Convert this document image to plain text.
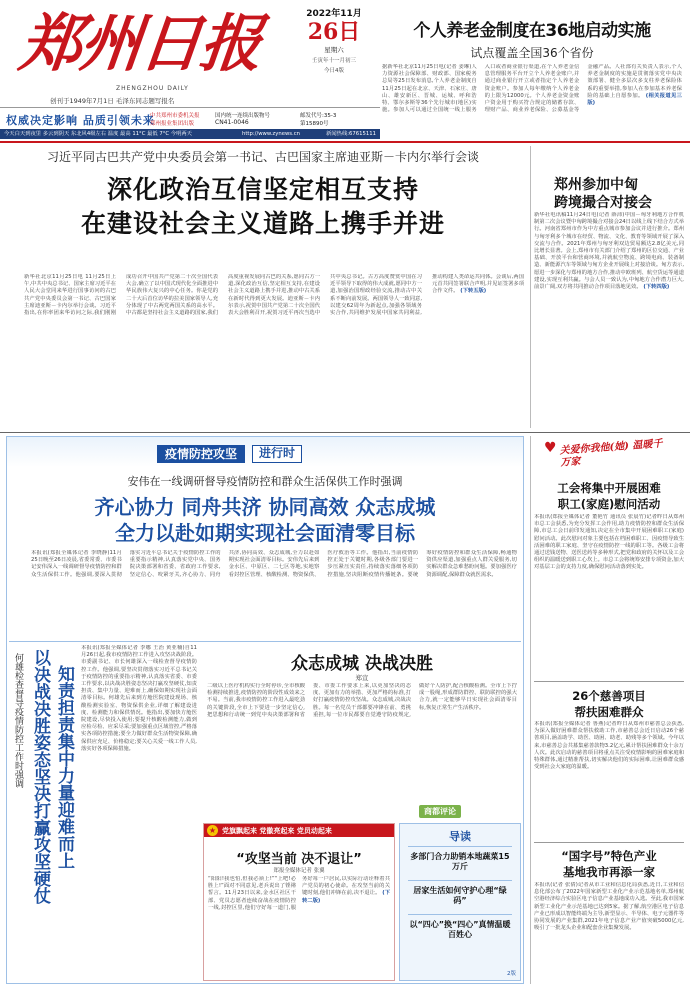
郑州日报
ZHENGZHOU DAILY
创刊于1949年7月1日 毛泽东同志题写报名
2022年11月
26日
星期六
壬寅年十一月初三
今日4版
个人养老金制度在36地启动实施
试点覆盖全国36个省份
据新华社北京11月25日电(记者 姜琳)人力资源社会保障部、财政部、国家税务总局等25日发布消息,个人养老金制度自11月25日起在北京、天津、石家庄、唐山、雄安新区、晋城、运城、呼和浩特、鄂尔多斯等36个先行城市(地区)实施。参加人可以通过全国统一线上服务入口或者商业银行渠道,在个人养老金信息管理服务平台开立个人养老金账户,并通过商业银行开立或者指定个人养老金资金账户。参加人每年缴纳个人养老金的上限为12000元。个人养老金资金账户资金用于购买符合规定的储蓄存款、理财产品、商业养老保险、公募基金等金融产品。人社部有关负责人表示,个人养老金制度的实施是贯彻落实党中央决策部署、健全多层次多支柱养老保险体系的重要举措,参加人在参加基本养老保险的基础上自愿参加。 (相关报道见三版)
权威决定影响 品质引领未来
中共郑州市委机关报
郑州报业集团出版
国内统一连续出版物号
CN41-0046
邮发代号:35-3
第15890号
今天白天到夜里 多云到阴天 东北风4级左右 温度 最高 11°C 最低 7°C 今明两天	http://www.zynews.cn	新闻热线:67615111
习近平同古巴共产党中央委员会第一书记、古巴国家主席迪亚斯－卡内尔举行会谈
深化政治互信坚定相互支持
在建设社会主义道路上携手并进
新华社北京11月25日电 11月25日上午,中共中央总书记、国家主席习近平在人民大会堂同来华进行国事访问的古巴共产党中央委员会第一书记、古巴国家主席迪亚斯－卡内尔举行会谈。习近平指出,在你率团来华访问之际,我们刚刚成功召开中国共产党第二十次全国代表大会,确立了以中国式现代化全面推进中华民族伟大复兴的中心任务。你是党的二十大后首位访华的拉美国家领导人,充分体现了中古两党两国关系的高水平。中古都是坚持社会主义道路的国家,我们高度重视发展同古巴的关系,愿同古方一道,深化政治互信,坚定相互支持,在建设社会主义道路上携手并进,推动中古关系在新时代得到更大发展。迪亚斯－卡内尔表示,祝贺中国共产党第二十次全国代表大会胜利召开,祝贺习近平再次当选中共中央总书记。古方高度赞赏中国在习近平领导下取得的伟大成就,愿同中方一道,加强治国理政经验交流,推动古中关系不断向前发展。两国领导人一致同意,以建交62周年为新起点,加强各领域务实合作,共同维护发展中国家共同利益,推动构建人类命运共同体。会谈后,两国元首共同签署联合声明,并见证签署多项合作文件。 (下转五版)
郑州参加中匈
跨境撮合对接会
新华社电讯稿11月24日电(记者 薛沛)中国－匈牙利地方合作机制第二次会议暨中匈跨境撮合对接会24日以线上线下结合方式举行。河南省郑州市作为中方重点城市参加会议并进行推介。郑州与匈牙利多个城市在经贸、物流、文化、教育等领域开展了深入交流与合作。2021年郑州与匈牙利双边贸易额达2.8亿美元,同比增长显著。会上,郑州市有关部门介绍了郑州的区位交通、产业基础、开放平台和营商环境,并就航空物流、跨境电商、装备制造、新能源汽车等领域与匈方企业开展线上对接洽谈。匈方表示,愿进一步深化与郑州的地方合作,推动中欧班列、航空货运等通道建设,实现互利共赢。与会人员一致认为,中匈地方合作潜力巨大,前景广阔,双方将共同推动合作项目落地见效。 (下转四版)
疫情防控攻坚	进行时
安伟在一线调研督导疫情防控和群众生活保供工作时强调
齐心协力 同舟共济 协同高效 众志成城
全力以赴如期实现社会面清零目标
本报讯(郑报全媒体记者 李晓静)11月25日晚至26日凌晨,省委常委、市委书记安伟深入一线调研督导疫情防控和群众生活保供工作。他强调,要深入贯彻落实习近平总书记关于疫情防控工作的重要指示精神,认真落实党中央、国务院决策部署和省委、省政府工作要求,坚定信心、咬紧牙关,齐心协力、同舟共济,协同高效、众志成城,全力以赴如期实现社会面清零目标。安伟先后来到金水区、中原区、二七区等地,实地察看封控区管理、核酸检测、物资保供、医疗救治等工作。他指出,当前疫情防控正处于关键时期,各级各部门要进一步压紧压实责任,持续落实落细各项防控措施,坚决阻断疫情传播链条。要统筹好疫情防控和群众生活保障,畅通物资供应渠道,加强重点人群关爱服务,切实解决群众急难愁盼问题。要加强医疗资源调配,保障群众就医需求。
何雄检查督导疫情防控工作时强调 以决战决胜姿态坚决打赢攻坚硬仗 知责担责集中力量迎难而上
本报讯(郑报全媒体记者 李娜 王治 黄亚楠)自11月26日起,我市疫情防控工作进入攻坚决战阶段。市委副书记、市长何雄深入一线检查督导疫情防控工作。他强调,要坚决贯彻落实习近平总书记关于疫情防控的重要指示精神,认真落实省委、市委工作要求,以决战决胜姿态坚决打赢攻坚硬仗,知责担责、集中力量、迎难而上,确保如期实现社会面清零目标。何雄先后来到方舱医院建设现场、核酸检测实验室、物资保供企业,详细了解建设进度、检测能力和保供情况。他指出,要加快方舱医院建设,尽快投入使用;要提升核酸检测能力,做到应检尽检、应采尽采;要加强重点区域管控,严格落实各项防控措施;要全力做好群众生活物资保障,确保供应充足、价格稳定;要关心关爱一线工作人员,落实好各项保障措施。
众志成城 决战决胜
郑宣
二级以上医疗机构实行全时停诊,全市核酸检测持续推进,疫情防控的阶段性成效来之不易。当前,我市疫情防控工作进入最吃劲的关键阶段,全市上下要进一步坚定信心,把思想和行动统一到党中央决策部署和省委、市委工作要求上来,以更加坚决的态度、更加有力的举措、更加严格的标准,打好打赢疫情防控攻坚战。众志成城,决战决胜。每一名党员干部都要冲锋在前、勇挑重担,每一位市民都要自觉遵守防疫规定,做好个人防护,配合核酸检测。全市上下拧成一股绳,形成群防群控、联防联控的强大合力,就一定能够早日实现社会面清零目标,恢复正常生产生活秩序。
商都评论
★ 党旗飘起来 党徽亮起来 党员动起来
“攻坚当前 决不退让”
郑报全媒体记者 张翼
“阳阳!我也怕,但我必须上!”“上吧!必胜上!”面对不同意见,老兵说出了铿锵誓言。11月23日以来,金水区社区干部、党员志愿者连续奋战在疫情防控一线,封控区里,他们守好每一道门,服务好每一户居民,以实际行动诠释着共产党员的初心使命。在攻坚当前的关键时刻,他们冲锋在前,决不退让。 (下转二版)
导读
多部门合力助销本地蔬菜15万斤
居家生活如何守护心理“绿码”
以“四心”换“四心”真情温暖百姓心
2版
♥ 关爱你我他(她) 温暖千万家
工会将集中开展困难
职工(家庭)慰问活动
本报讯(郑报全媒体记者 董艳竹 通讯员 张晨竹)记者昨日从郑州市总工会获悉,为充分发挥工会作用,助力疫情防控和群众生活保障,市总工会日前印发通知,决定在全市集中开展困难职工(家庭)慰问活动。此次慰问对象主要包括在档困难职工、因疫情导致生活困难的职工家庭、坚守在疫情防控一线的职工等。各级工会将通过送钱送物、送医送药等多种形式,把党和政府的关怀以及工会组织的温暖送到职工心坎上。市总工会将统筹安排专项资金,加大对基层工会的支持力度,确保慰问活动落到实处。
26个慈善项目
帮扶困难群众
本报讯(郑报全媒体记者 鲁燕)记者昨日从郑州市慈善总会获悉,为深入做好困难群众帮扶救助工作,市慈善总会近日启动26个慈善项目,涵盖助学、助医、助困、助老、助残等多个领域。今年以来,市慈善总会共募集慈善款物3.2亿元,累计帮扶困难群众十余万人次。此次启动的慈善项目将重点关注受疫情影响的困难家庭和特殊群体,通过精准帮扶,切实解决他们的实际困难,让困难群众感受到社会大家庭的温暖。
“国字号”特色产业
基地我市再添一家
本报讯(记者 张倩)记者从市工业和信息化局获悉,近日,工业和信息化部公布了2022年国家新型工业化产业示范基地名单,郑州航空港经济综合实验区电子信息产业基地成功入选。至此,我市国家新型工业化产业示范基地已达到5家。据了解,航空港区电子信息产业已形成以智能终端为主导,新型显示、半导体、电子元器件等协同发展的产业集群,2021年电子信息产业产值突破5000亿元,吸引了一批龙头企业和配套企业集聚发展。
